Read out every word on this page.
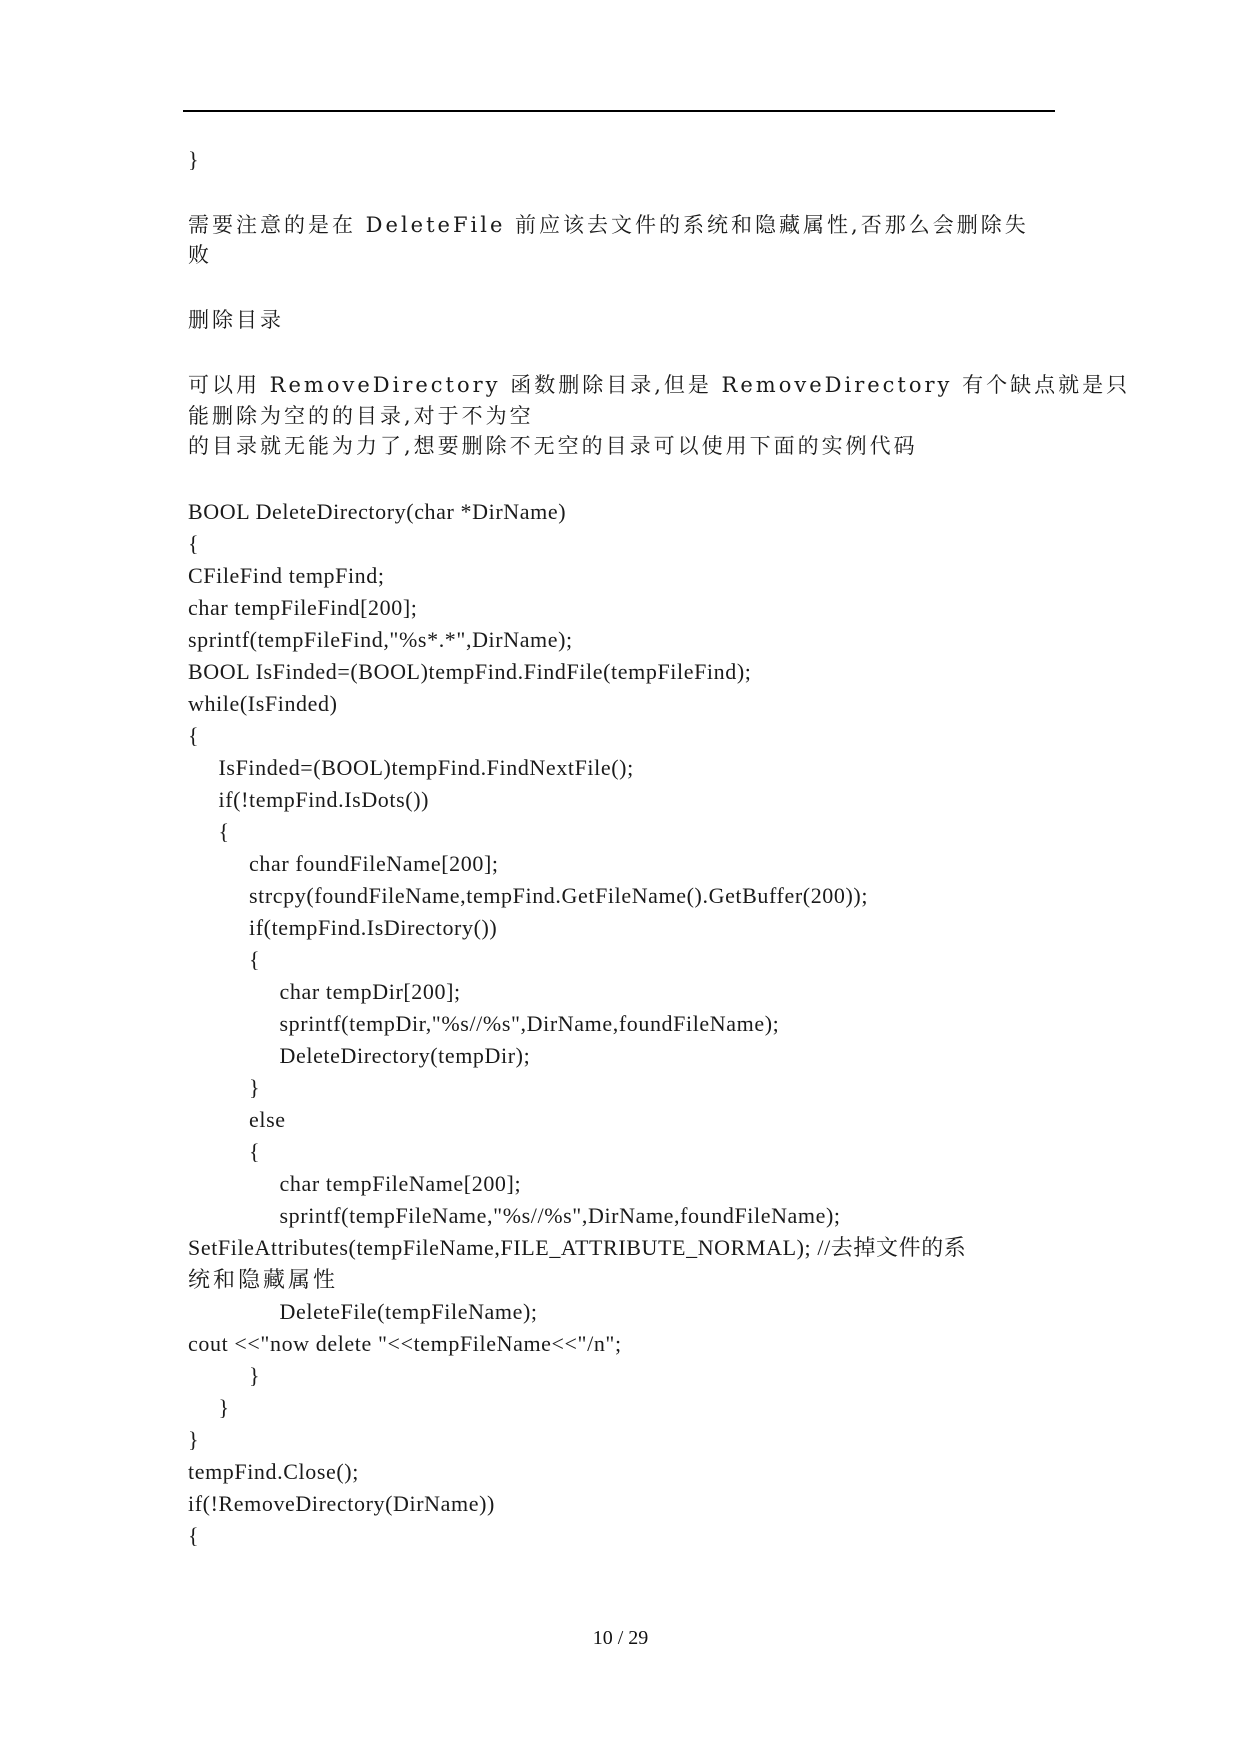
}
需要注意的是在 DeleteFile 前应该去文件的系统和隐藏属性,否那么会删除失
败
删除目录
可以用 RemoveDirectory 函数删除目录,但是 RemoveDirectory 有个缺点就是只
能删除为空的的目录,对于不为空
的目录就无能为力了,想要删除不无空的目录可以使用下面的实例代码
BOOL DeleteDirectory(char *DirName)
{
CFileFind tempFind;
char tempFileFind[200];
sprintf(tempFileFind,"%s*.*",DirName);
BOOL IsFinded=(BOOL)tempFind.FindFile(tempFileFind);
while(IsFinded)
{
IsFinded=(BOOL)tempFind.FindNextFile();
if(!tempFind.IsDots())
{
char foundFileName[200];
strcpy(foundFileName,tempFind.GetFileName().GetBuffer(200));
if(tempFind.IsDirectory())
{
char tempDir[200];
sprintf(tempDir,"%s//%s",DirName,foundFileName);
DeleteDirectory(tempDir);
}
else
{
char tempFileName[200];
sprintf(tempFileName,"%s//%s",DirName,foundFileName);
SetFileAttributes(tempFileName,FILE_ATTRIBUTE_NORMAL); //去掉文件的系
统和隐藏属性
DeleteFile(tempFileName);
cout <<"now delete "<<tempFileName<<"/n";
}
}
}
tempFind.Close();
if(!RemoveDirectory(DirName))
{
10 / 29
